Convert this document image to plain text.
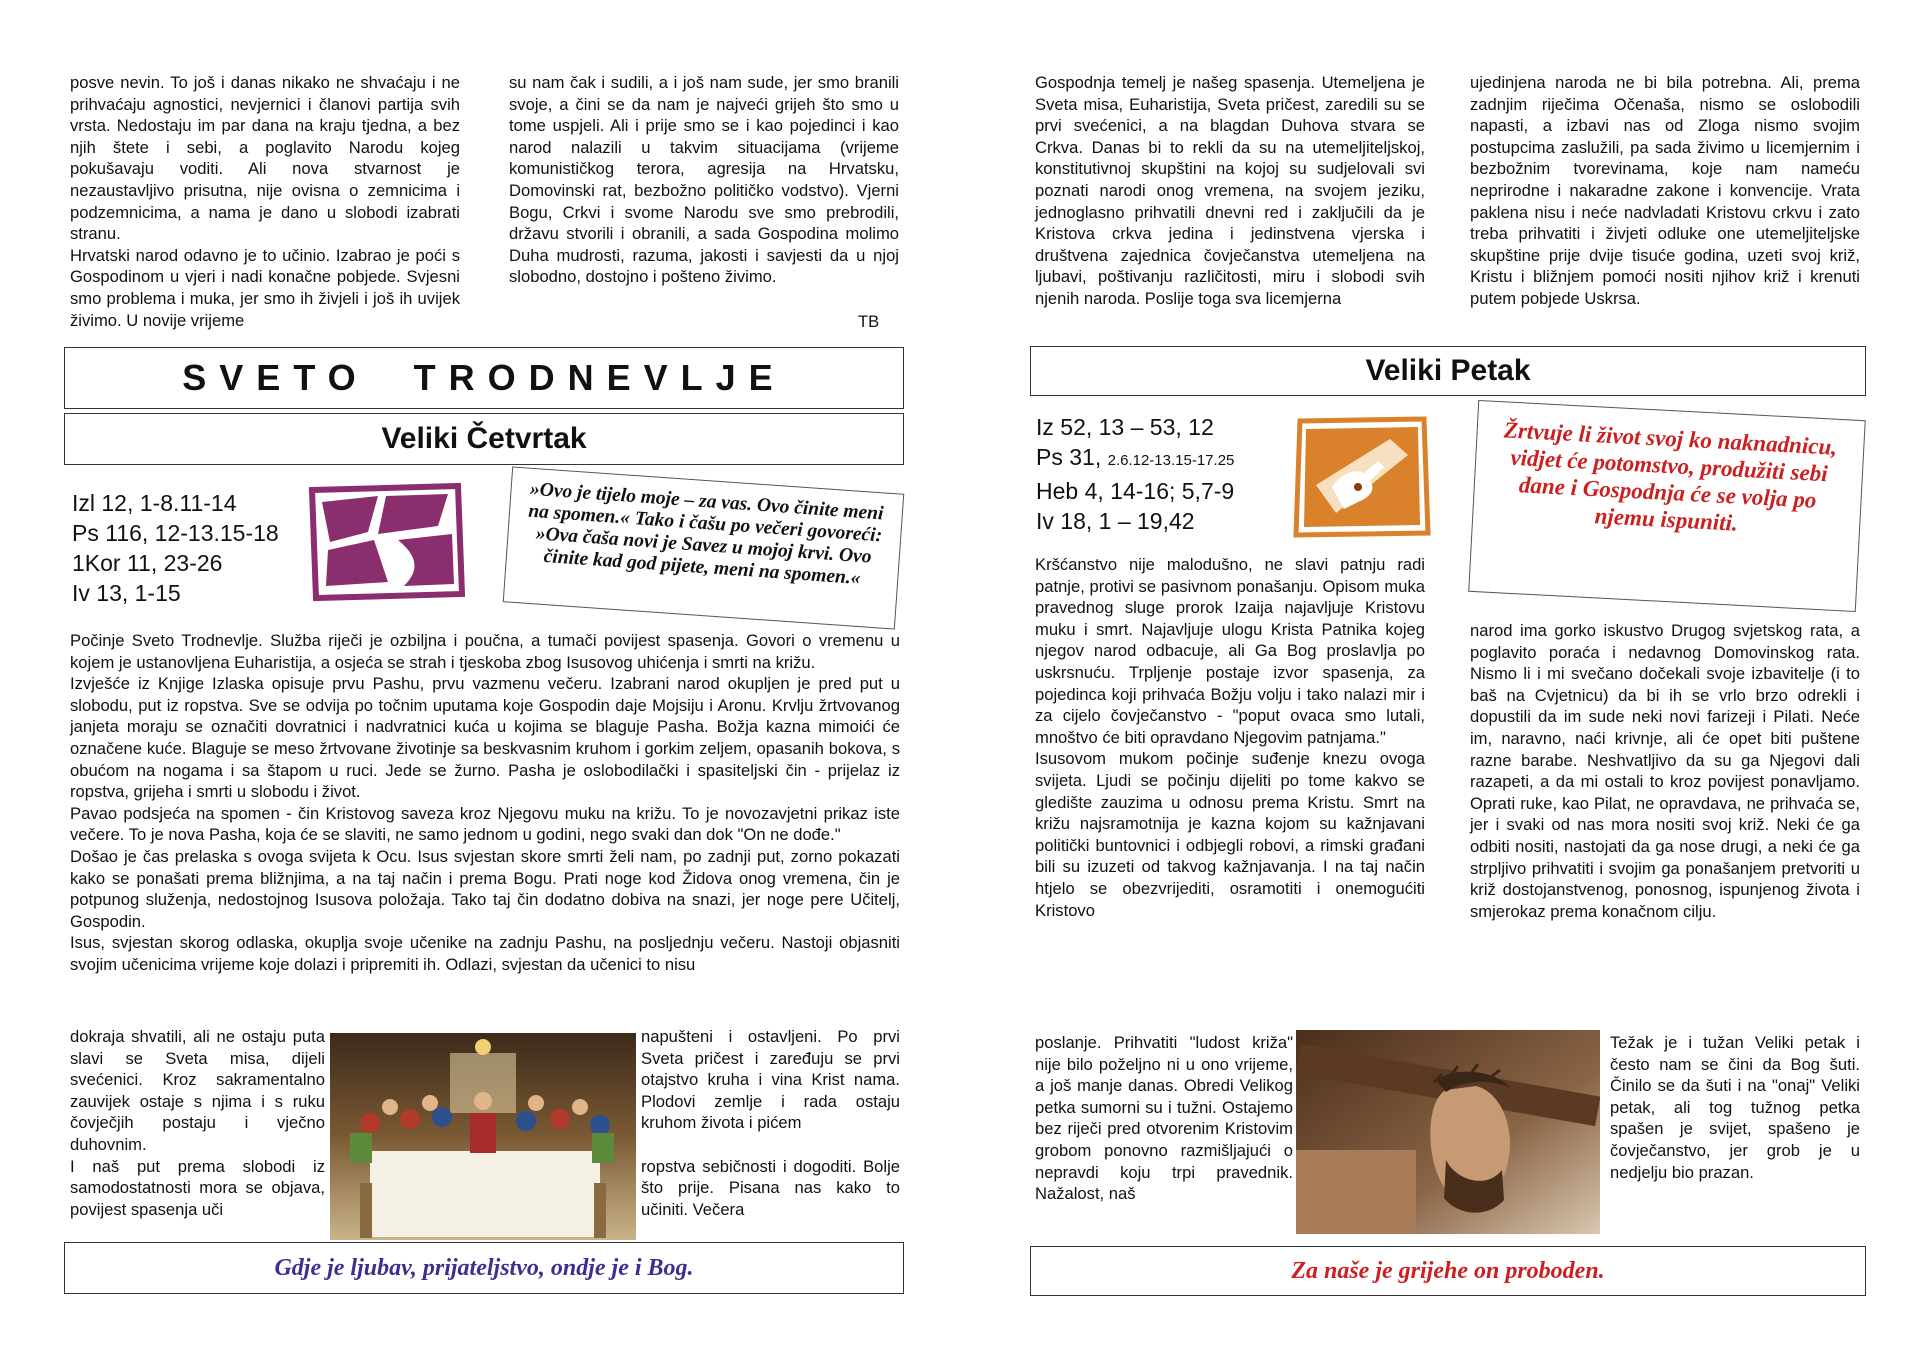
posve nevin. To još i danas nikako ne shvaćaju i ne prihvaćaju agnostici, nevjernici i članovi partija svih vrsta. Nedostaju im par dana na kraju tjedna, a bez njih štete i sebi, a poglavito Narodu kojeg pokušavaju voditi. Ali nova stvarnost je nezaustavljivo prisutna, nije ovisna o zemnicima i podzemnicima, a nama je dano u slobodi izabrati stranu.
Hrvatski narod odavno je to učinio. Izabrao je poći s Gospodinom u vjeri i nadi konačne pobjede. Svjesni smo problema i muka, jer smo ih živjeli i još ih uvijek živimo. U novije vrijeme
su nam čak i sudili, a i još nam sude, jer smo branili svoje, a čini se da nam je najveći grijeh što smo u tome uspjeli. Ali i prije smo se i kao pojedinci i kao narod nalazili u takvim situacijama (vrijeme komunističkog terora, agresija na Hrvatsku, Domovinski rat, bezbožno političko vodstvo). Vjerni Bogu, Crkvi i svome Narodu sve smo prebrodili, državu stvorili i obranili, a sada Gospodina molimo Duha mudrosti, razuma, jakosti i savjesti da u njoj slobodno, dostojno i pošteno živimo.
TB
SVETO TRODNEVLJE
Veliki Četvrtak
Izl 12, 1-8.11-14
Ps 116, 12-13.15-18
1Kor 11, 23-26
Iv 13, 1-15
»Ovo je tijelo moje – za vas. Ovo činite meni na spomen.« Tako i čašu po večeri govoreći: »Ova čaša novi je Savez u mojoj krvi. Ovo činite kad god pijete, meni na spomen.«

Počinje Sveto Trodnevlje. Služba riječi je ozbiljna i poučna, a tumači povijest spasenja. Govori o vremenu u kojem je ustanovljena Euharistija, a osjeća se strah i tjeskoba zbog Isusovog uhićenja i smrti na križu.

Izvješće iz Knjige Izlaska opisuje prvu Pashu, prvu vazmenu večeru. Izabrani narod okupljen je pred put u slobodu, put iz ropstva. Sve se odvija po točnim uputama koje Gospodin daje Mojsiju i Aronu. Krvlju žrtvovanog janjeta moraju se označiti dovratnici i nadvratnici kuća u kojima se blaguje Pasha. Božja kazna mimoići će označene kuće. Blaguje se meso žrtvovane životinje sa beskvasnim kruhom i gorkim zeljem, opasanih bokova, s obućom na nogama i sa štapom u ruci. Jede se žurno. Pasha je oslobodilački i spasiteljski čin - prijelaz iz ropstva, grijeha i smrti u slobodu i život.

Pavao podsjeća na spomen - čin Kristovog saveza kroz Njegovu muku na križu. To je novozavjetni prikaz iste večere. To je nova Pasha, koja će se slaviti, ne samo jednom u godini, nego svaki dan dok "On ne dođe."

Došao je čas prelaska s ovoga svijeta k Ocu. Isus svjestan skore smrti želi nam, po zadnji put, zorno pokazati kako se ponašati prema bližnjima, a na taj način i prema Bogu. Prati noge kod Židova onog vremena, čin je potpunog služenja, nedostojnog Isusova položaja. Tako taj čin dodatno dobiva na snazi, jer noge pere Učitelj, Gospodin.

Isus, svjestan skorog odlaska, okuplja svoje učenike na zadnju Pashu, na posljednju večeru. Nastoji objasniti svojim učenicima vrijeme koje dolazi i pripremiti ih. Odlazi, svjestan da učenici to nisu

dokraja shvatili, ali ne ostaju puta slavi se Sveta misa, dijeli svećenici. Kroz sakramentalno zauvijek ostaje s njima i s ruku čovječjih postaju i vječno duhovnim.
I naš put prema slobodi iz samodostatnosti mora se objava, povijest spasenja uči
napušteni i ostavljeni. Po prvi Sveta pričest i zaređuju se prvi otajstvo kruha i vina Krist nama. Plodovi zemlje i rada ostaju kruhom života i pićem

ropstva sebičnosti i dogoditi. Bolje što prije. Pisana nas kako to učiniti. Večera
Gdje je ljubav, prijateljstvo, ondje je i Bog.
Gospodnja temelj je našeg spasenja. Utemeljena je Sveta misa, Euharistija, Sveta pričest, zaredili su se prvi svećenici, a na blagdan Duhova stvara se Crkva. Danas bi to rekli da su na utemeljiteljskoj, konstitutivnoj skupštini na kojoj su sudjelovali svi poznati narodi onog vremena, na svojem jeziku, jednoglasno prihvatili dnevni red i zaključili da je Kristova crkva jedina i jedinstvena vjerska i društvena zajednica čovječanstva utemeljena na ljubavi, poštivanju različitosti, miru i slobodi svih njenih naroda. Poslije toga sva licemjerna
ujedinjena naroda ne bi bila potrebna. Ali, prema zadnjim riječima Očenaša, nismo se oslobodili napasti, a izbavi nas od Zloga nismo svojim postupcima zaslužili, pa sada živimo u licemjernim i bezbožnim tvorevinama, koje nam nameću neprirodne i nakaradne zakone i konvencije. Vrata paklena nisu i neće nadvladati Kristovu crkvu i zato treba prihvatiti i živjeti odluke one utemeljiteljske skupštine prije dvije tisuće godina, uzeti svoj križ, Kristu i bližnjem pomoći nositi njihov križ i krenuti putem pobjede Uskrsa.
Veliki Petak
Iz 52, 13 – 53, 12
Ps 31, 2.6.12-13.15-17.25
Heb 4, 14-16; 5,7-9
Iv 18, 1 – 19,42
Žrtvuje li život svoj ko naknadnicu, vidjet će potomstvo, produžiti sebi dane i Gospodnja će se volja po njemu ispuniti.
Kršćanstvo nije malodušno, ne slavi patnju radi patnje, protivi se pasivnom ponašanju. Opisom muka pravednog sluge prorok Izaija najavljuje Kristovu muku i smrt. Najavljuje ulogu Krista Patnika kojeg njegov narod odbacuje, ali Ga Bog proslavlja po uskrsnuću. Trpljenje postaje izvor spasenja, za pojedinca koji prihvaća Božju volju i tako nalazi mir i za cijelo čovječanstvo - "poput ovaca smo lutali, mnoštvo će biti opravdano Njegovim patnjama."
Isusovom mukom počinje suđenje knezu ovoga svijeta. Ljudi se počinju dijeliti po tome kakvo se gledište zauzima u odnosu prema Kristu. Smrt na križu najsramotnija je kazna kojom su kažnjavani politički buntovnici i odbjegli robovi, a rimski građani bili su izuzeti od takvog kažnjavanja. I na taj način htjelo se obezvrijediti, osramotiti i onemogućiti Kristovo
poslanje. Prihvatiti "ludost križa" nije bilo poželjno ni u ono vrijeme, a još manje danas. Obredi Velikog petka sumorni su i tužni. Ostajemo bez riječi pred otvorenim Kristovim grobom ponovno razmišljajući o nepravdi koju trpi pravednik. Nažalost, naš
narod ima gorko iskustvo Drugog svjetskog rata, a poglavito poraća i nedavnog Domovinskog rata. Nismo li i mi svečano dočekali svoje izbavitelje (i to baš na Cvjetnicu) da bi ih se vrlo brzo odrekli i dopustili da im sude neki novi farizeji i Pilati. Neće im, naravno, naći krivnje, ali će opet biti puštene razne barabe. Neshvatljivo da su ga Njegovi dali razapeti, a da mi ostali to kroz povijest ponavljamo. Oprati ruke, kao Pilat, ne opravdava, ne prihvaća se, jer i svaki od nas mora nositi svoj križ. Neki će ga odbiti nositi, nastojati da ga nose drugi, a neki će ga strpljivo prihvatiti i svojim ga ponašanjem pretvoriti u križ dostojanstvenog, ponosnog, ispunjenog života i smjerokaz prema konačnom cilju.
Težak je i tužan Veliki petak i često nam se čini da Bog šuti. Činilo se da šuti i na "onaj" Veliki petak, ali tog tužnog petka spašen je svijet, spašeno je čovječanstvo, jer grob je u nedjelju bio prazan.
Za naše je grijehe on proboden.
